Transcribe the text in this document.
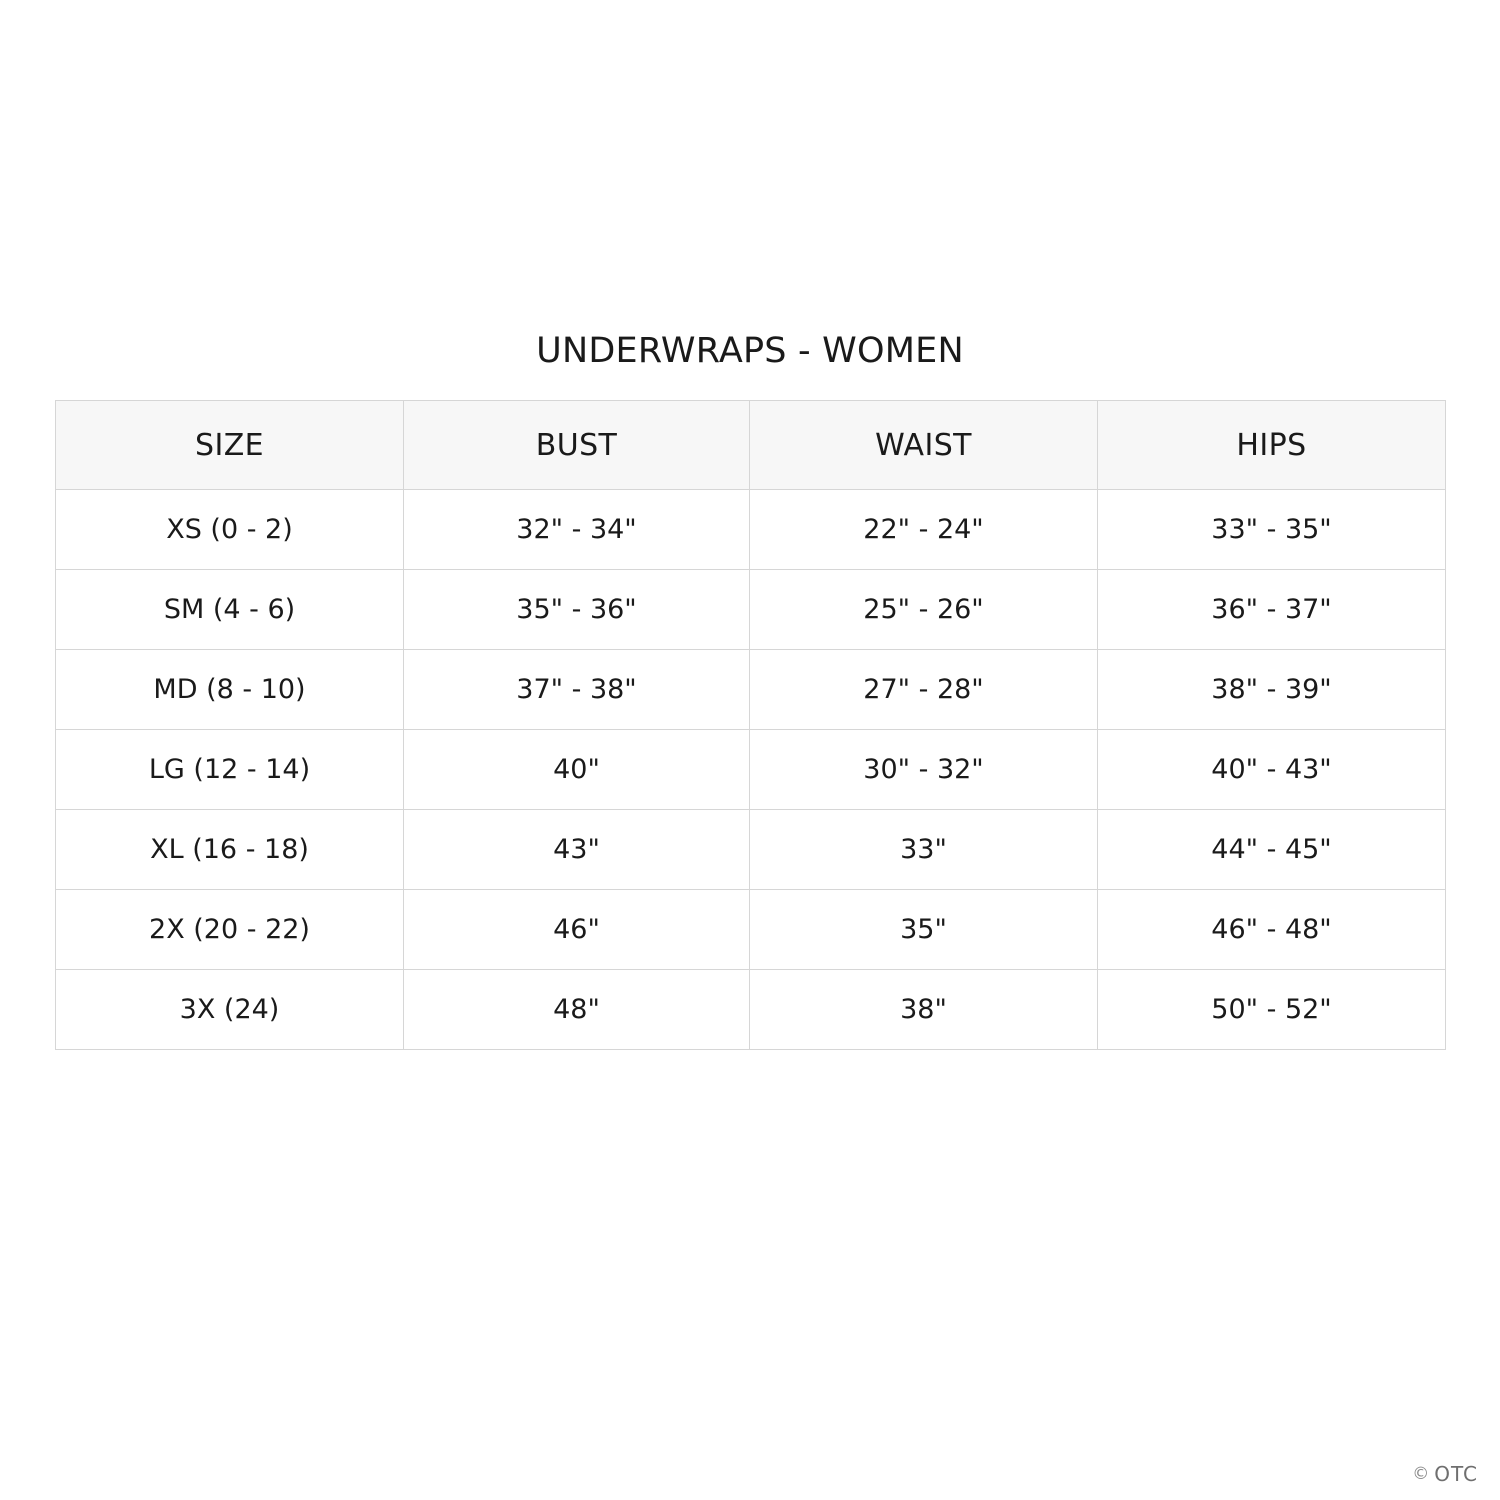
UNDERWRAPS - WOMEN
SIZE	BUST	WAIST	HIPS
XS (0 - 2)	32" - 34"	22" - 24"	33" - 35"
SM (4 - 6)	35" - 36"	25" - 26"	36" - 37"
MD (8 - 10)	37" - 38"	27" - 28"	38" - 39"
LG (12 - 14)	40"	30" - 32"	40" - 43"
XL (16 - 18)	43"	33"	44" - 45"
2X (20 - 22)	46"	35"	46" - 48"
3X (24)	48"	38"	50" - 52"
© OTC
